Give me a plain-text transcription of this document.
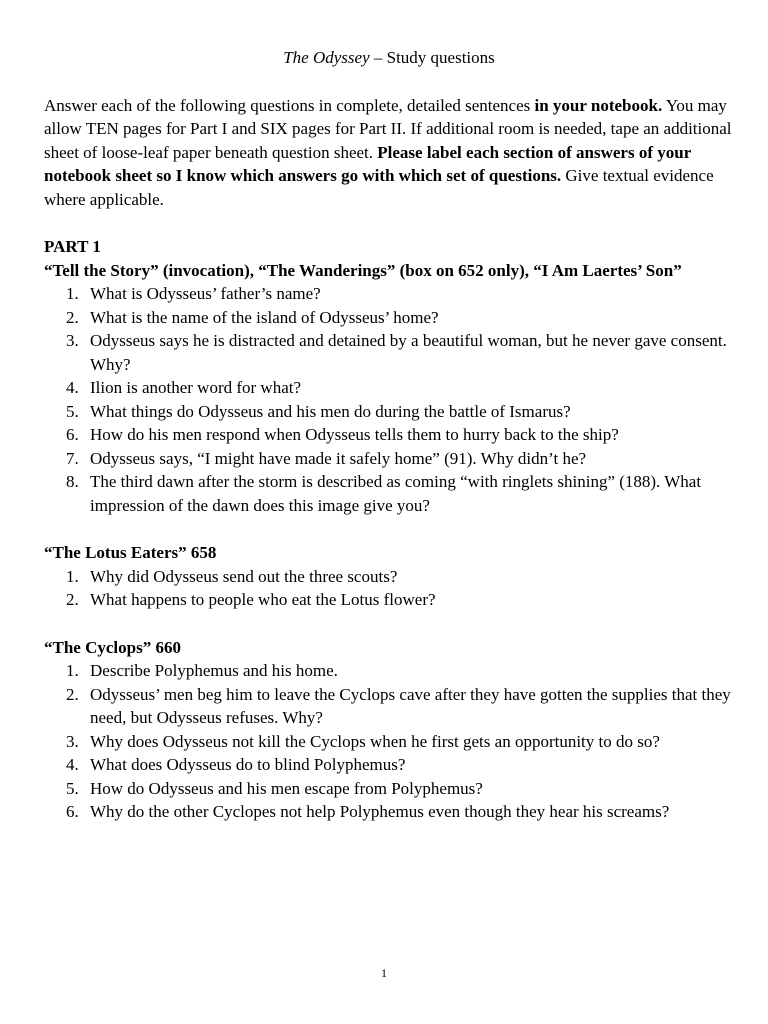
The Odyssey – Study questions
Answer each of the following questions in complete, detailed sentences in your notebook. You may allow TEN pages for Part I and SIX pages for Part II. If additional room is needed, tape an additional sheet of loose-leaf paper beneath question sheet. Please label each section of answers of your notebook sheet so I know which answers go with which set of questions. Give textual evidence where applicable.
PART 1
“Tell the Story” (invocation), “The Wanderings” (box on 652 only), “I Am Laertes’ Son”
1. What is Odysseus’ father’s name?
2. What is the name of the island of Odysseus’ home?
3. Odysseus says he is distracted and detained by a beautiful woman, but he never gave consent. Why?
4. Ilion is another word for what?
5. What things do Odysseus and his men do during the battle of Ismarus?
6. How do his men respond when Odysseus tells them to hurry back to the ship?
7. Odysseus says, “I might have made it safely home” (91). Why didn’t he?
8. The third dawn after the storm is described as coming “with ringlets shining” (188). What impression of the dawn does this image give you?
“The Lotus Eaters” 658
1. Why did Odysseus send out the three scouts?
2. What happens to people who eat the Lotus flower?
“The Cyclops” 660
1. Describe Polyphemus and his home.
2. Odysseus’ men beg him to leave the Cyclops cave after they have gotten the supplies that they need, but Odysseus refuses. Why?
3. Why does Odysseus not kill the Cyclops when he first gets an opportunity to do so?
4. What does Odysseus do to blind Polyphemus?
5. How do Odysseus and his men escape from Polyphemus?
6. Why do the other Cyclopes not help Polyphemus even though they hear his screams?
1
